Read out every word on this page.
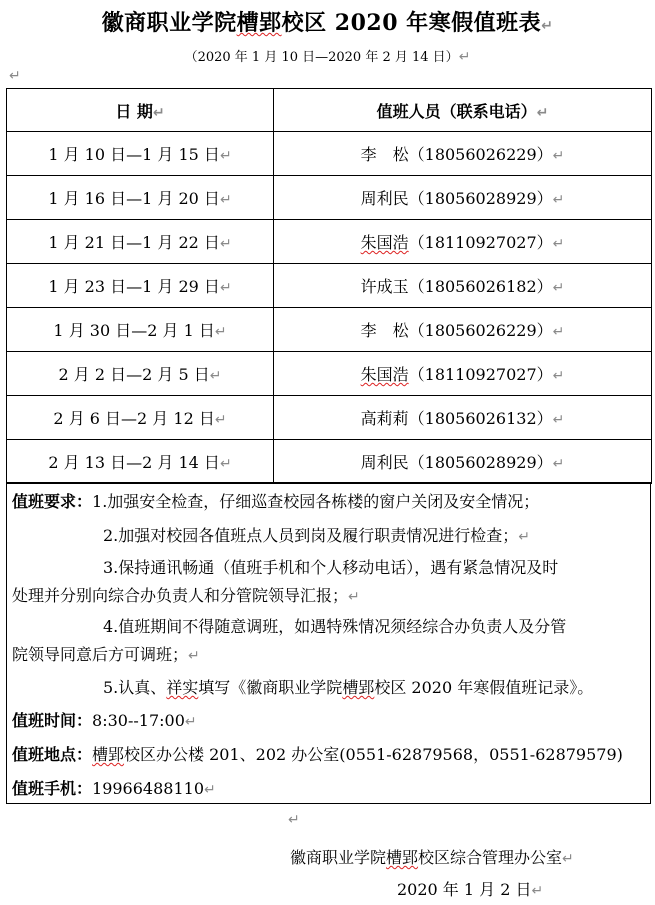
徽商职业学院槽郢校区 2020 年寒假值班表↵
（2020 年 1 月 10 日—2020 年 2 月 14 日）↵
↵
日 期↵	值班人员（联系电话）↵
1 月 10 日—1 月 15 日↵	李　松（18056026229）↵
1 月 16 日—1 月 20 日↵	周利民（18056028929）↵
1 月 21 日—1 月 22 日↵	朱国浩（18110927027）↵
1 月 23 日—1 月 29 日↵	许成玉（18056026182）↵
1 月 30 日—2 月 1 日↵	李　松（18056026229）↵
2 月 2 日—2 月 5 日↵	朱国浩（18110927027）↵
2 月 6 日—2 月 12 日↵	高莉莉（18056026132）↵
2 月 13 日—2 月 14 日↵	周利民（18056028929）↵
值班要求：1.加强安全检查，仔细巡查校园各栋楼的窗户关闭及安全情况；
2.加强对校园各值班点人员到岗及履行职责情况进行检查；↵
3.保持通讯畅通（值班手机和个人移动电话），遇有紧急情况及时
处理并分别向综合办负责人和分管院领导汇报；↵
4.值班期间不得随意调班，如遇特殊情况须经综合办负责人及分管
院领导同意后方可调班；↵
5.认真、祥实填写《徽商职业学院槽郢校区 2020 年寒假值班记录》。
值班时间：8:30--17:00↵
值班地点：槽郢校区办公楼 201、202 办公室(0551-62879568，0551-62879579)
值班手机：19966488110↵
↵
徽商职业学院槽郢校区综合管理办公室↵
2020 年 1 月 2 日↵
